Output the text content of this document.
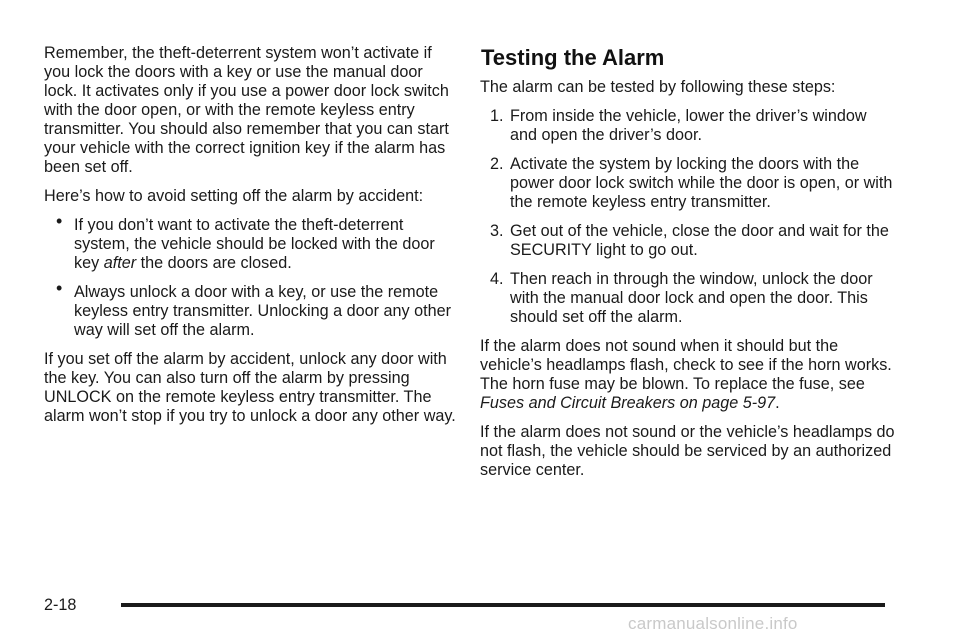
Remember, the theft-deterrent system won’t activate if you lock the doors with a key or use the manual door lock. It activates only if you use a power door lock switch with the door open, or with the remote keyless entry transmitter. You should also remember that you can start your vehicle with the correct ignition key if the alarm has been set off.

Here’s how to avoid setting off the alarm by accident:

• If you don’t want to activate the theft-deterrent system, the vehicle should be locked with the door key after the doors are closed.
• Always unlock a door with a key, or use the remote keyless entry transmitter. Unlocking a door any other way will set off the alarm.

If you set off the alarm by accident, unlock any door with the key. You can also turn off the alarm by pressing UNLOCK on the remote keyless entry transmitter. The alarm won’t stop if you try to unlock a door any other way.

Testing the Alarm

The alarm can be tested by following these steps:

1. From inside the vehicle, lower the driver’s window and open the driver’s door.
2. Activate the system by locking the doors with the power door lock switch while the door is open, or with the remote keyless entry transmitter.
3. Get out of the vehicle, close the door and wait for the SECURITY light to go out.
4. Then reach in through the window, unlock the door with the manual door lock and open the door. This should set off the alarm.

If the alarm does not sound when it should but the vehicle’s headlamps flash, check to see if the horn works. The horn fuse may be blown. To replace the fuse, see Fuses and Circuit Breakers on page 5-97.

If the alarm does not sound or the vehicle’s headlamps do not flash, the vehicle should be serviced by an authorized service center.

2-18
carmanualsonline.info
